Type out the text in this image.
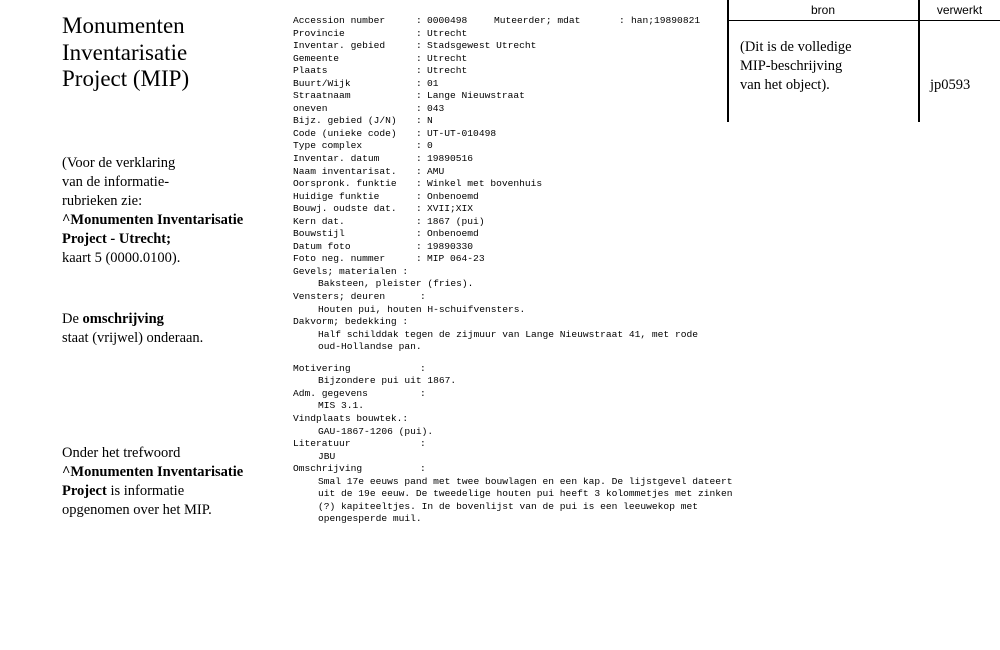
Monumenten
Inventarisatie
Project (MIP)
(Voor de verklaring
van de informatie-
rubrieken zie:
^Monumenten Inventarisatie
Project - Utrecht;
kaart 5 (0000.0100).
De omschrijving
staat (vrijwel) onderaan.
Onder het trefwoord
^Monumenten Inventarisatie
Project is informatie
opgenomen over het MIP.
Accession number	: 0000498	Muteerder; mdat	: han;19890821
Provincie	: Utrecht
Inventar. gebied	: Stadsgewest Utrecht
Gemeente	: Utrecht
Plaats	: Utrecht
Buurt/Wijk	: 01
Straatnaam	: Lange Nieuwstraat
oneven	: 043
Bijz. gebied (J/N) : N
Code (unieke code) : UT-UT-010498
Type complex	: 0
Inventar. datum	: 19890516
Naam inventarisat. : AMU
Oorspronk. funktie : Winkel met bovenhuis
Huidige funktie	: Onbenoemd
Bouwj. oudste dat. : XVII;XIX
Kern dat.	: 1867 (pui)
Bouwstijl	: Onbenoemd
Datum foto	: 19890330
Foto neg. nummer	: MIP 064-23
Gevels; materialen :
Baksteen, pleister (fries).
Vensters; deuren	:
Houten pui, houten H-schuifvensters.
Dakvorm; bedekking :
Half schilddak tegen de zijmuur van Lange Nieuwstraat 41, met rode
oud-Hollandse pan.
Motivering	:
Bijzondere pui uit 1867.
Adm. gegevens	:
MIS 3.1.
Vindplaats bouwtek.:
GAU-1867-1206 (pui).
Literatuur	:
JBU
Omschrijving	:
Smal 17e eeuws pand met twee bouwlagen en een kap. De lijstgevel dateert
uit de 19e eeuw. De tweedelige houten pui heeft 3 kolommetjes met zinken
(?) kapiteeltjes. In de bovenlijst van de pui is een leeuwekop met
opengesperde muil.
bron	verwerkt
(Dit is de volledige
MIP-beschrijving
van het object).	jp0593
